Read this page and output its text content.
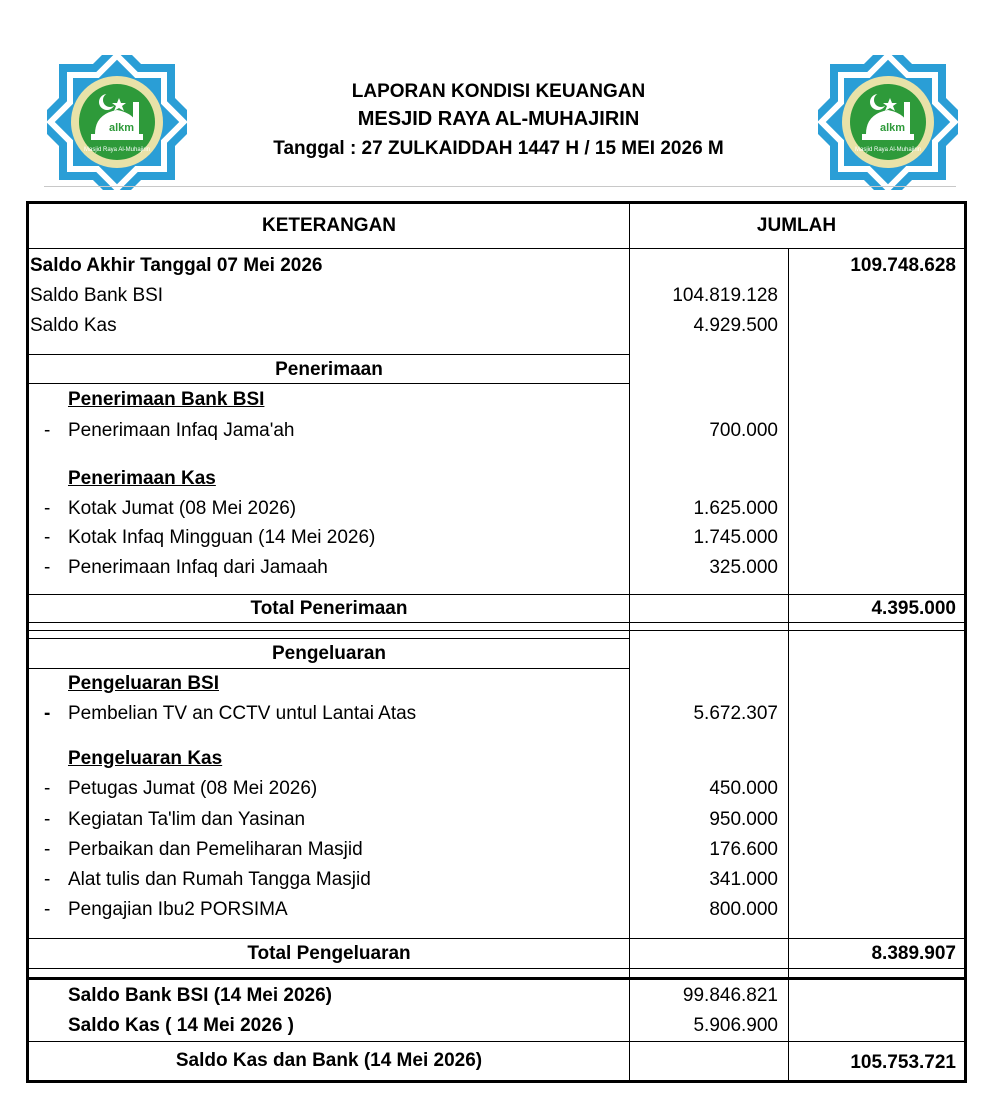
alkm
Masjid Raya Al-Muhajirin
LAPORAN KONDISI KEUANGAN
MESJID RAYA AL-MUHAJIRIN
Tanggal : 27 ZULKAIDDAH 1447 H / 15 MEI 2026 M
alkm
Masjid Raya Al-Muhajirin
KETERANGAN	JUMLAH
Saldo Akhir Tanggal 07 Mei 2026	109.748.628
Saldo Bank BSI	104.819.128
Saldo Kas	4.929.500
Penerimaan
Penerimaan Bank BSI
- Penerimaan Infaq Jama'ah	700.000
Penerimaan Kas
- Kotak Jumat (08 Mei 2026)	1.625.000
- Kotak Infaq Mingguan (14 Mei 2026)	1.745.000
- Penerimaan Infaq dari Jamaah	325.000
Total Penerimaan	4.395.000
Pengeluaran
Pengeluaran BSI
- Pembelian TV an CCTV untul Lantai Atas	5.672.307
Pengeluaran Kas
- Petugas Jumat (08 Mei 2026)	450.000
- Kegiatan Ta'lim dan Yasinan	950.000
- Perbaikan dan Pemeliharan Masjid	176.600
- Alat tulis dan Rumah Tangga Masjid	341.000
- Pengajian Ibu2 PORSIMA	800.000
Total Pengeluaran	8.389.907
Saldo Bank BSI (14 Mei 2026)	99.846.821
Saldo Kas ( 14 Mei 2026 )	5.906.900
Saldo Kas dan Bank (14 Mei 2026)	105.753.721
